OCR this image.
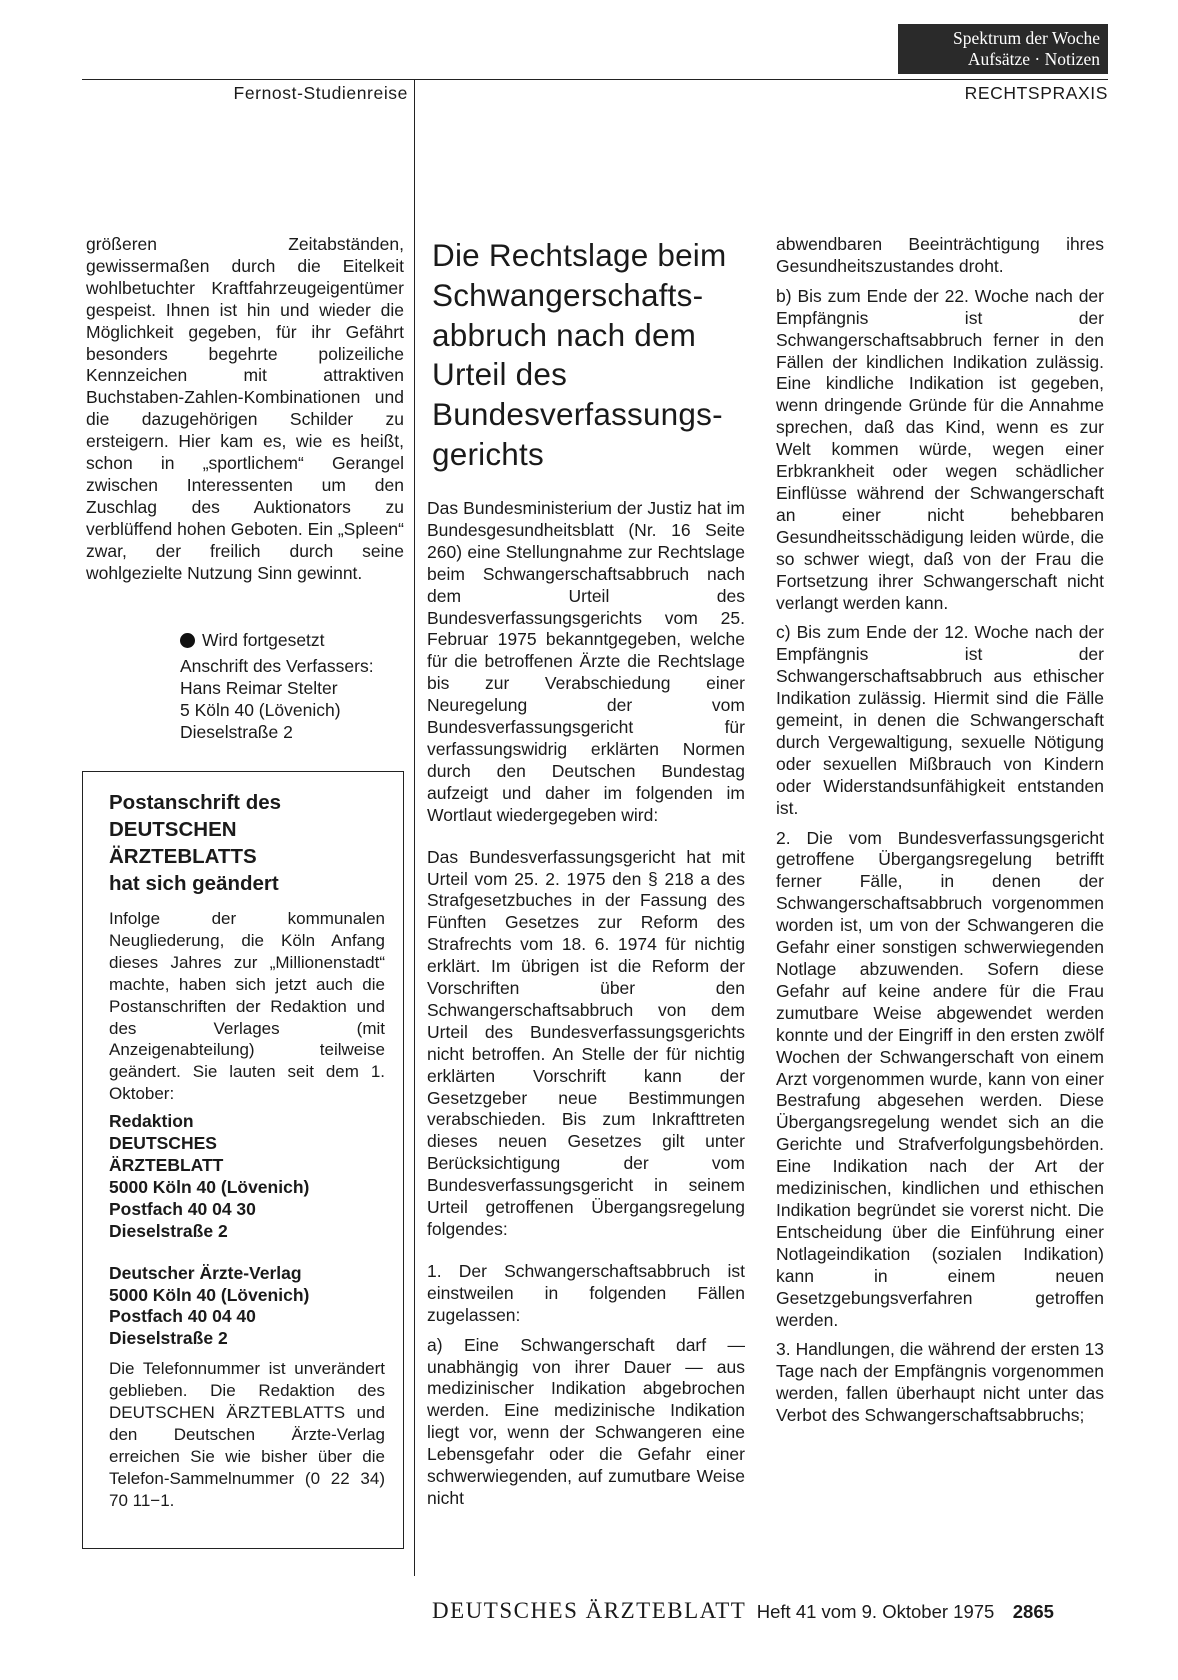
Spektrum der Woche
Aufsätze · Notizen
Fernost-Studienreise	RECHTSPRAXIS

größeren Zeitabständen, gewissermaßen durch die Eitelkeit wohlbetuchter Kraftfahrzeugeigentümer gespeist. Ihnen ist hin und wieder die Möglichkeit gegeben, für ihr Gefährt besonders begehrte polizeiliche Kennzeichen mit attraktiven Buchstaben-Zahlen-Kombinationen und die dazugehörigen Schilder zu ersteigern. Hier kam es, wie es heißt, schon in „sportlichem“ Gerangel zwischen Interessenten um den Zuschlag des Auktionators zu verblüffend hohen Geboten. Ein „Spleen“ zwar, der freilich durch seine wohlgezielte Nutzung Sinn gewinnt.

Wird fortgesetzt
Anschrift des Verfassers:
Hans Reimar Stelter
5 Köln 40 (Lövenich)
Dieselstraße 2
Postanschrift des
DEUTSCHEN
ÄRZTEBLATTS
hat sich geändert

Infolge der kommunalen Neugliederung, die Köln Anfang dieses Jahres zur „Millionenstadt“ machte, haben sich jetzt auch die Postanschriften der Redaktion und des Verlages (mit Anzeigenabteilung) teilweise geändert. Sie lauten seit dem 1. Oktober:

Redaktion
DEUTSCHES
ÄRZTEBLATT
5000 Köln 40 (Lövenich)
Postfach 40 04 30
Dieselstraße 2
Deutscher Ärzte-Verlag
5000 Köln 40 (Lövenich)
Postfach 40 04 40
Dieselstraße 2

Die Telefonnummer ist unverändert geblieben. Die Redaktion des DEUTSCHEN ÄRZTEBLATTS und den Deutschen Ärzte-Verlag erreichen Sie wie bisher über die Telefon-Sammelnummer (0 22 34) 70 11−1.

Die Rechtslage beim
Schwangerschafts-
abbruch nach dem
Urteil des
Bundesverfassungs-
gerichts

Das Bundesministerium der Justiz hat im Bundesgesundheitsblatt (Nr. 16 Seite 260) eine Stellungnahme zur Rechtslage beim Schwangerschaftsabbruch nach dem Urteil des Bundesverfassungsgerichts vom 25. Februar 1975 bekanntgegeben, welche für die betroffenen Ärzte die Rechtslage bis zur Verabschiedung einer Neuregelung der vom Bundesverfassungsgericht für verfassungswidrig erklärten Normen durch den Deutschen Bundestag aufzeigt und daher im folgenden im Wortlaut wiedergegeben wird:

Das Bundesverfassungsgericht hat mit Urteil vom 25. 2. 1975 den § 218 a des Strafgesetzbuches in der Fassung des Fünften Gesetzes zur Reform des Strafrechts vom 18. 6. 1974 für nichtig erklärt. Im übrigen ist die Reform der Vorschriften über den Schwangerschaftsabbruch von dem Urteil des Bundesverfassungsgerichts nicht betroffen. An Stelle der für nichtig erklärten Vorschrift kann der Gesetzgeber neue Bestimmungen verabschieden. Bis zum Inkrafttreten dieses neuen Gesetzes gilt unter Berücksichtigung der vom Bundesverfassungsgericht in seinem Urteil getroffenen Übergangsregelung folgendes:

1. Der Schwangerschaftsabbruch ist einstweilen in folgenden Fällen zugelassen:

a) Eine Schwangerschaft darf — unabhängig von ihrer Dauer — aus medizinischer Indikation abgebrochen werden. Eine medizinische Indikation liegt vor, wenn der Schwangeren eine Lebensgefahr oder die Gefahr einer schwerwiegenden, auf zumutbare Weise nicht

abwendbaren Beeinträchtigung ihres Gesundheitszustandes droht.

b) Bis zum Ende der 22. Woche nach der Empfängnis ist der Schwangerschaftsabbruch ferner in den Fällen der kindlichen Indikation zulässig. Eine kindliche Indikation ist gegeben, wenn dringende Gründe für die Annahme sprechen, daß das Kind, wenn es zur Welt kommen würde, wegen einer Erbkrankheit oder wegen schädlicher Einflüsse während der Schwangerschaft an einer nicht behebbaren Gesundheitsschädigung leiden würde, die so schwer wiegt, daß von der Frau die Fortsetzung ihrer Schwangerschaft nicht verlangt werden kann.

c) Bis zum Ende der 12. Woche nach der Empfängnis ist der Schwangerschaftsabbruch aus ethischer Indikation zulässig. Hiermit sind die Fälle gemeint, in denen die Schwangerschaft durch Vergewaltigung, sexuelle Nötigung oder sexuellen Mißbrauch von Kindern oder Widerstandsunfähigkeit entstanden ist.

2. Die vom Bundesverfassungsgericht getroffene Übergangsregelung betrifft ferner Fälle, in denen der Schwangerschaftsabbruch vorgenommen worden ist, um von der Schwangeren die Gefahr einer sonstigen schwerwiegenden Notlage abzuwenden. Sofern diese Gefahr auf keine andere für die Frau zumutbare Weise abgewendet werden konnte und der Eingriff in den ersten zwölf Wochen der Schwangerschaft von einem Arzt vorgenommen wurde, kann von einer Bestrafung abgesehen werden. Diese Übergangsregelung wendet sich an die Gerichte und Strafverfolgungsbehörden. Eine Indikation nach der Art der medizinischen, kindlichen und ethischen Indikation begründet sie vorerst nicht. Die Entscheidung über die Einführung einer Notlageindikation (sozialen Indikation) kann in einem neuen Gesetzgebungsverfahren getroffen werden.

3. Handlungen, die während der ersten 13 Tage nach der Empfängnis vorgenommen werden, fallen überhaupt nicht unter das Verbot des Schwangerschaftsabbruchs;

DEUTSCHES ÄRZTEBLATT Heft 41 vom 9. Oktober 1975 2865
